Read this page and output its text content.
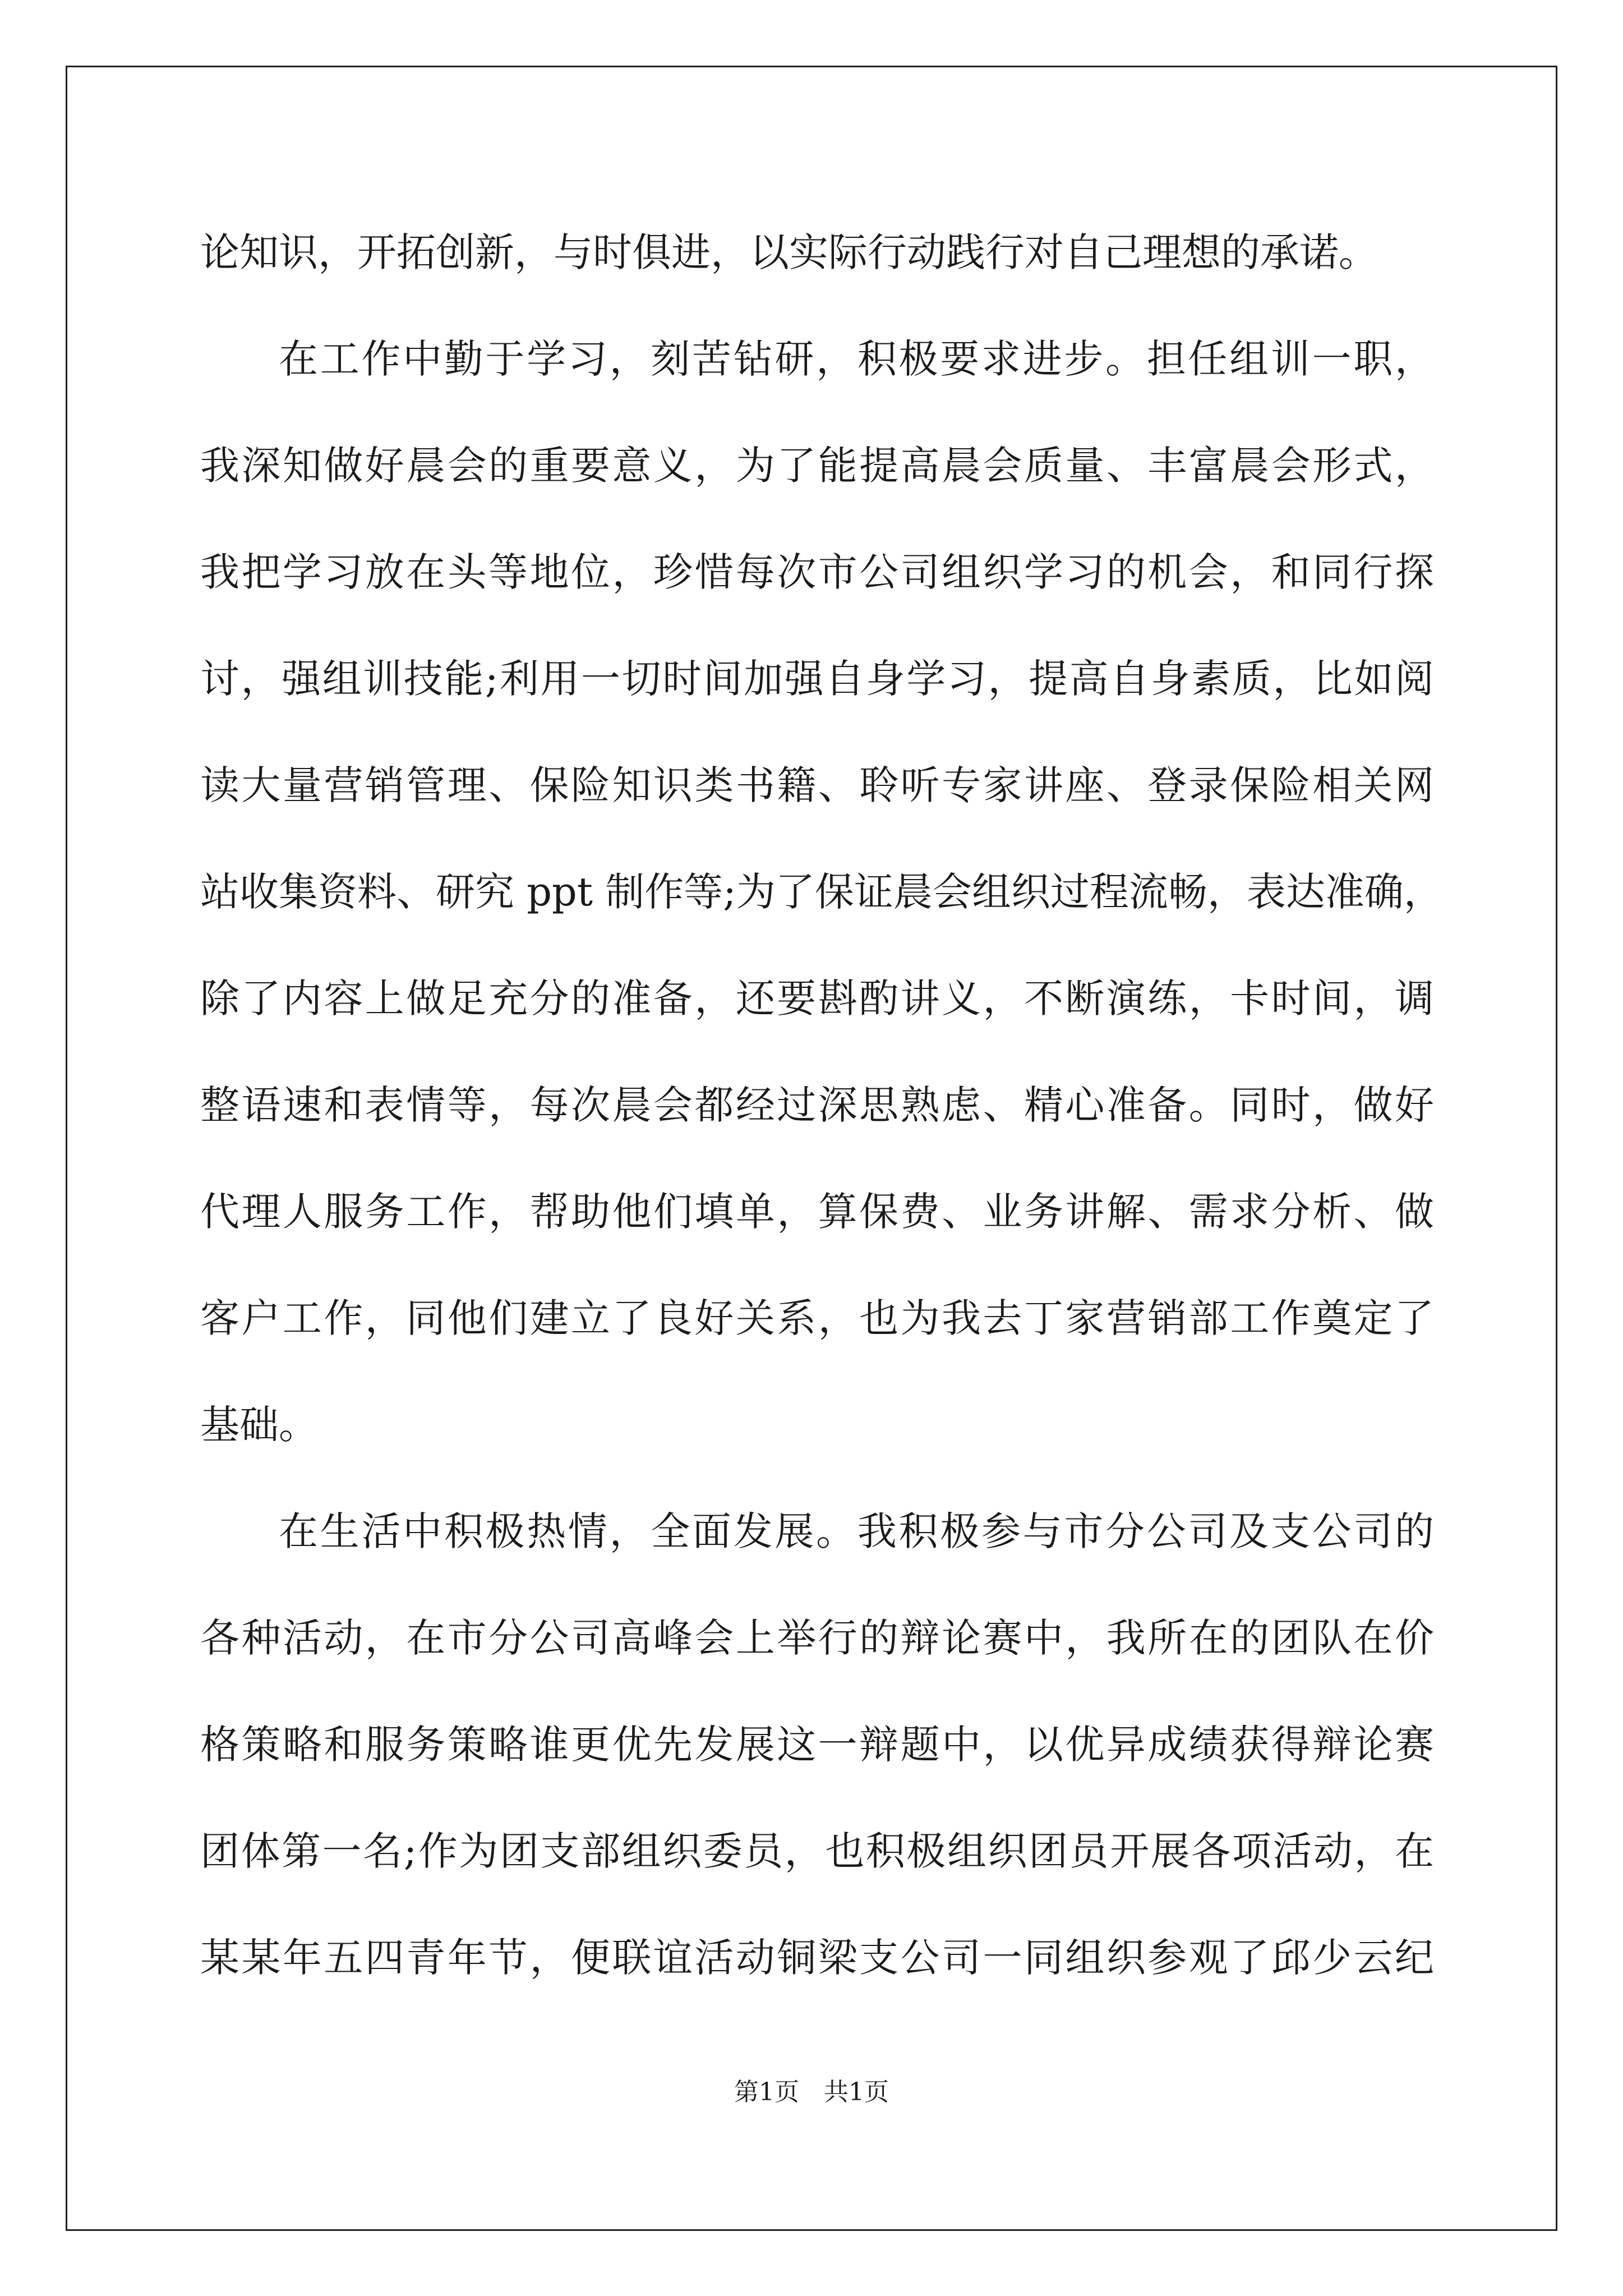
论知识，开拓创新，与时俱进，以实际行动践行对自己理想的承诺。
在工作中勤于学习，刻苦钻研，积极要求进步。担任组训一职，
我深知做好晨会的重要意义，为了能提高晨会质量、丰富晨会形式，
我把学习放在头等地位，珍惜每次市公司组织学习的机会，和同行探
讨，强组训技能;利用一切时间加强自身学习，提高自身素质，比如阅
读大量营销管理、保险知识类书籍、聆听专家讲座、登录保险相关网
站收集资料、研究 ppt 制作等;为了保证晨会组织过程流畅，表达准确，
除了内容上做足充分的准备，还要斟酌讲义，不断演练，卡时间，调
整语速和表情等，每次晨会都经过深思熟虑、精心准备。同时，做好
代理人服务工作，帮助他们填单，算保费、业务讲解、需求分析、做
客户工作，同他们建立了良好关系，也为我去丁家营销部工作奠定了
基础。
在生活中积极热情，全面发展。我积极参与市分公司及支公司的
各种活动，在市分公司高峰会上举行的辩论赛中，我所在的团队在价
格策略和服务策略谁更优先发展这一辩题中，以优异成绩获得辩论赛
团体第一名;作为团支部组织委员，也积极组织团员开展各项活动，在
某某年五四青年节，便联谊活动铜梁支公司一同组织参观了邱少云纪
第1页　共1页
